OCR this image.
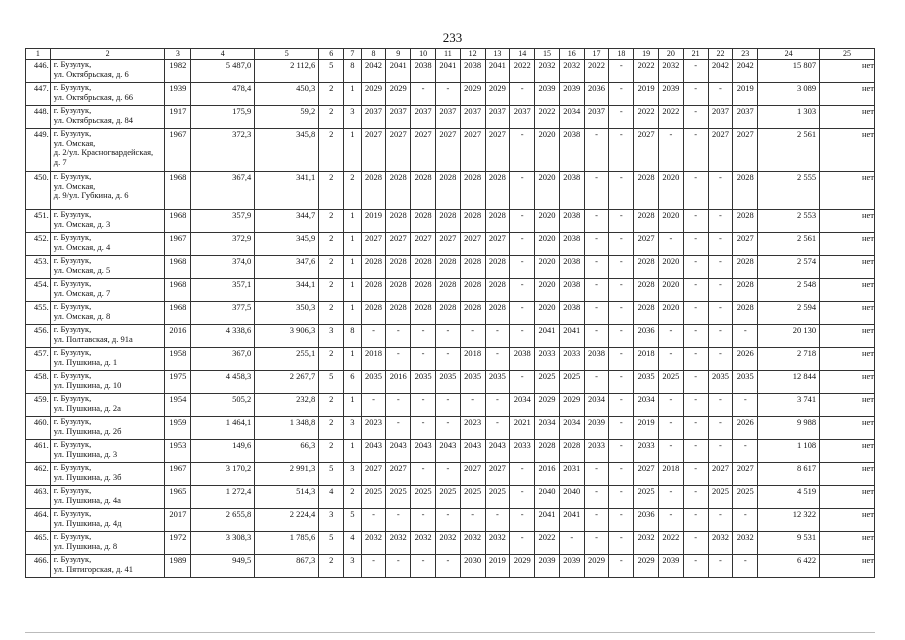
233
1	2	3	4	5	6	7	8	9	10	11	12	13	14	15	16	17	18	19	20	21	22	23	24	25
446.	г. Бузулук,
ул. Октябрьская, д. 6	1982	5 487,0	2 112,6	5	8	2042	2041	2038	2041	2038	2041	2022	2032	2032	2022	-	2022	2032	-	2042	2042	15 807	нет
447.	г. Бузулук,
ул. Октябрьская, д. 66	1939	478,4	450,3	2	1	2029	2029	-	-	2029	2029	-	2039	2039	2036	-	2019	2039	-	-	2019	3 089	нет
448.	г. Бузулук,
ул. Октябрьская, д. 84	1917	175,9	59,2	2	3	2037	2037	2037	2037	2037	2037	2037	2022	2034	2037	-	2022	2022	-	2037	2037	1 303	нет
449.	г. Бузулук,
ул. Омская,
д. 2/ул. Красногвардейская,
д. 7	1967	372,3	345,8	2	1	2027	2027	2027	2027	2027	2027	-	2020	2038	-	-	2027	-	-	2027	2027	2 561	нет
450.	г. Бузулук,
ул. Омская,
д. 9/ул. Губкина, д. 6	1968	367,4	341,1	2	2	2028	2028	2028	2028	2028	2028	-	2020	2038	-	-	2028	2020	-	-	2028	2 555	нет
451.	г. Бузулук,
ул. Омская, д. 3	1968	357,9	344,7	2	1	2019	2028	2028	2028	2028	2028	-	2020	2038	-	-	2028	2020	-	-	2028	2 553	нет
452.	г. Бузулук,
ул. Омская, д. 4	1967	372,9	345,9	2	1	2027	2027	2027	2027	2027	2027	-	2020	2038	-	-	2027	-	-	-	2027	2 561	нет
453.	г. Бузулук,
ул. Омская, д. 5	1968	374,0	347,6	2	1	2028	2028	2028	2028	2028	2028	-	2020	2038	-	-	2028	2020	-	-	2028	2 574	нет
454.	г. Бузулук,
ул. Омская, д. 7	1968	357,1	344,1	2	1	2028	2028	2028	2028	2028	2028	-	2020	2038	-	-	2028	2020	-	-	2028	2 548	нет
455.	г. Бузулук,
ул. Омская, д. 8	1968	377,5	350,3	2	1	2028	2028	2028	2028	2028	2028	-	2020	2038	-	-	2028	2020	-	-	2028	2 594	нет
456.	г. Бузулук,
ул. Полтавская, д. 91а	2016	4 338,6	3 906,3	3	8	-	-	-	-	-	-	-	2041	2041	-	-	2036	-	-	-	-	20 130	нет
457.	г. Бузулук,
ул. Пушкина, д. 1	1958	367,0	255,1	2	1	2018	-	-	-	2018	-	2038	2033	2033	2038	-	2018	-	-	-	2026	2 718	нет
458.	г. Бузулук,
ул. Пушкина, д. 10	1975	4 458,3	2 267,7	5	6	2035	2016	2035	2035	2035	2035	-	2025	2025	-	-	2035	2025	-	2035	2035	12 844	нет
459.	г. Бузулук,
ул. Пушкина, д. 2а	1954	505,2	232,8	2	1	-	-	-	-	-	-	2034	2029	2029	2034	-	2034	-	-	-	-	3 741	нет
460.	г. Бузулук,
ул. Пушкина, д. 2б	1959	1 464,1	1 348,8	2	3	2023	-	-	-	2023	-	2021	2034	2034	2039	-	2019	-	-	-	2026	9 988	нет
461.	г. Бузулук,
ул. Пушкина, д. 3	1953	149,6	66,3	2	1	2043	2043	2043	2043	2043	2043	2033	2028	2028	2033	-	2033	-	-	-	-	1 108	нет
462.	г. Бузулук,
ул. Пушкина, д. 3б	1967	3 170,2	2 991,3	5	3	2027	2027	-	-	2027	2027	-	2016	2031	-	-	2027	2018	-	2027	2027	8 617	нет
463.	г. Бузулук,
ул. Пушкина, д. 4а	1965	1 272,4	514,3	4	2	2025	2025	2025	2025	2025	2025	-	2040	2040	-	-	2025	-	-	2025	2025	4 519	нет
464.	г. Бузулук,
ул. Пушкина, д. 4д	2017	2 655,8	2 224,4	3	5	-	-	-	-	-	-	-	2041	2041	-	-	2036	-	-	-	-	12 322	нет
465.	г. Бузулук,
ул. Пушкина, д. 8	1972	3 308,3	1 785,6	5	4	2032	2032	2032	2032	2032	2032	-	2022	-	-	-	2032	2022	-	2032	2032	9 531	нет
466.	г. Бузулук,
ул. Пятигорская, д. 41	1989	949,5	867,3	2	3	-	-	-	-	2030	2019	2029	2039	2039	2029	-	2029	2039	-	-	-	6 422	нет
